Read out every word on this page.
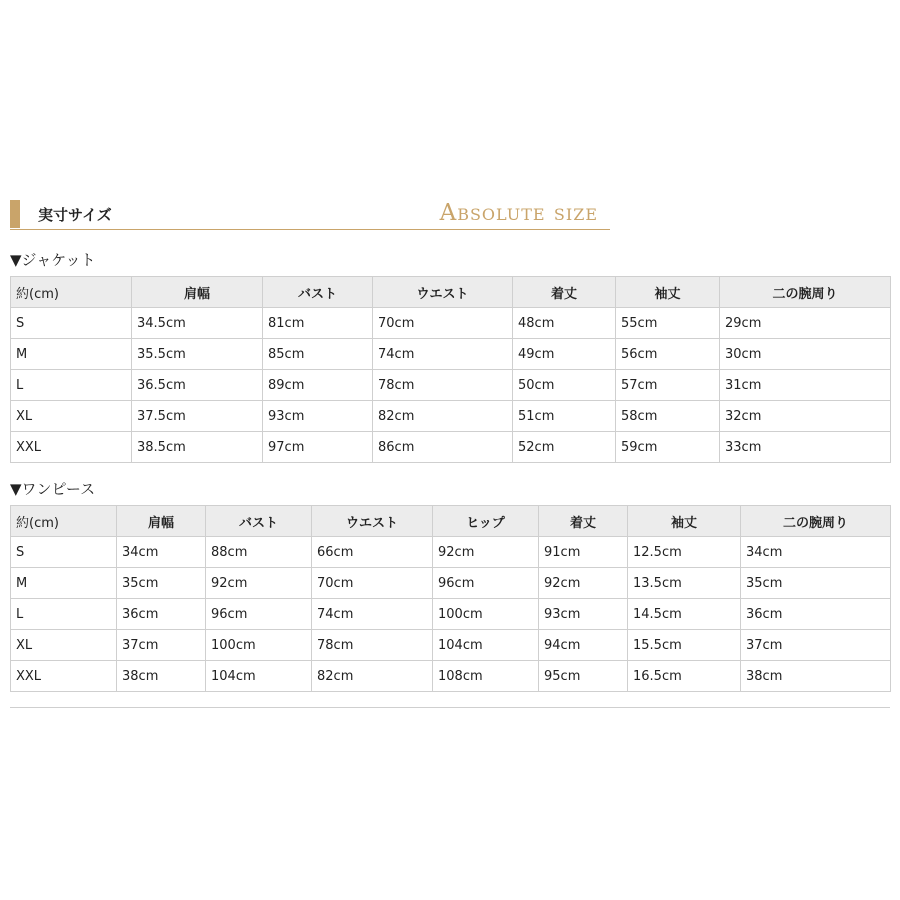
実寸サイズ	Absolute size
▼ジャケット
約(cm)	肩幅	バスト	ウエスト	着丈	袖丈	二の腕周り
S	34.5cm	81cm	70cm	48cm	55cm	29cm
M	35.5cm	85cm	74cm	49cm	56cm	30cm
L	36.5cm	89cm	78cm	50cm	57cm	31cm
XL	37.5cm	93cm	82cm	51cm	58cm	32cm
XXL	38.5cm	97cm	86cm	52cm	59cm	33cm
▼ワンピース
約(cm)	肩幅	バスト	ウエスト	ヒップ	着丈	袖丈	二の腕周り
S	34cm	88cm	66cm	92cm	91cm	12.5cm	34cm
M	35cm	92cm	70cm	96cm	92cm	13.5cm	35cm
L	36cm	96cm	74cm	100cm	93cm	14.5cm	36cm
XL	37cm	100cm	78cm	104cm	94cm	15.5cm	37cm
XXL	38cm	104cm	82cm	108cm	95cm	16.5cm	38cm
